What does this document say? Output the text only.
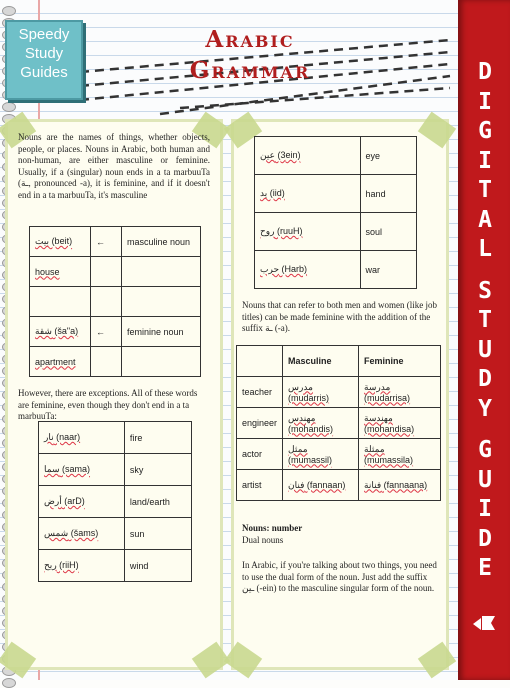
Speedy
Study
Guides
Arabic
Grammar
Nouns are the names of things, whether objects, people, or places. Nouns in Arabic, both human and non-human, are either masculine or feminine. Usually, if a (singular) noun ends in a ta marbuuTa (ـة, pronounced -a), it is feminine, and if it doesn't end in a ta marbuuTa, it's masculine
بيت (beit)	←	masculine noun
house		

شقة (ša"a)	←	feminine noun
apartment		
However, there are exceptions. All of these words are feminine, even though they don't end in a ta marbuuTa:
نار (naar)	fire
سما (sama)	sky
أرض (arD)	land/earth
شمس (šams)	sun
ريح (riiH)	wind
عين (3ein)	eye
يد (iid)	hand
روح (ruuH)	soul
حرب (Harb)	war
Nouns that can refer to both men and women (like job titles) can be made feminine with the addition of the suffix ـة (-a).
	Masculine	Feminine
teacher	مدرس (mudarris)	مدرسة (mudarrisa)
engineer	مهندس (mohandis)	مهندسة (mohandisa)
actor	ممثل (mumassil)	ممثلة (mumassila)
artist	فنان (fannaan)	فنانة (fannaana)
Nouns: number
Dual nouns
In Arabic, if you're talking about two things, you need to use the dual form of the noun. Just add the suffix ـين (-ein) to the masculine singular form of the noun.
D
I
G
I
T
A
L

S
T
U
D
Y

G
U
I
D
E
